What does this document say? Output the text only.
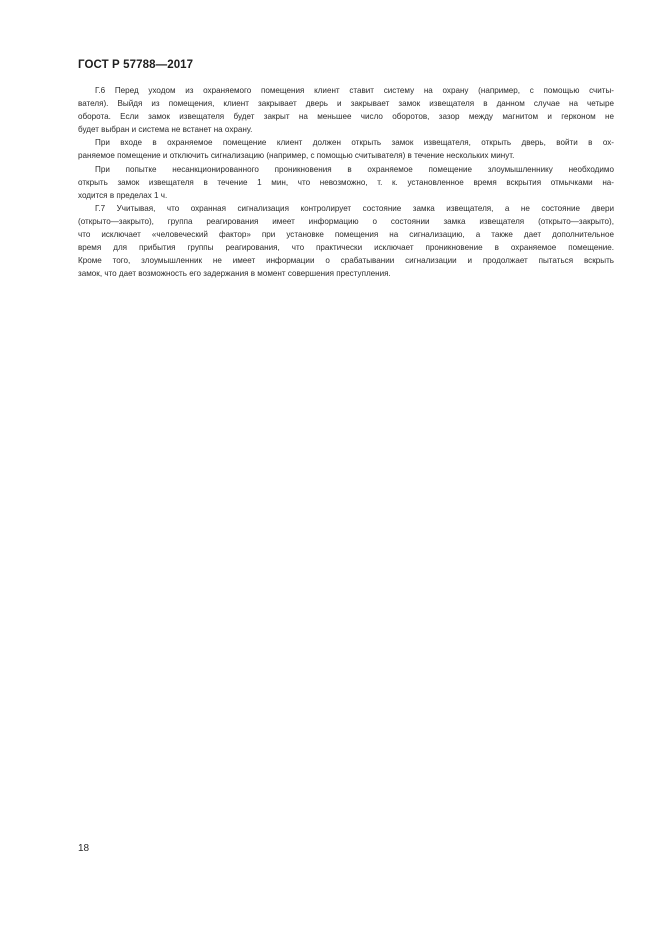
ГОСТ Р 57788—2017
Г.6 Перед уходом из охраняемого помещения клиент ставит систему на охрану (например, с помощью считы-
вателя). Выйдя из помещения, клиент закрывает дверь и закрывает замок извещателя в данном случае на четыре
оборота. Если замок извещателя будет закрыт на меньшее число оборотов, зазор между магнитом и герконом не
будет выбран и система не встанет на охрану.
При входе в охраняемое помещение клиент должен открыть замок извещателя, открыть дверь, войти в ох-
раняемое помещение и отключить сигнализацию (например, с помощью считывателя) в течение нескольких минут.
При попытке несанкционированного проникновения в охраняемое помещение злоумышленнику необходимо
открыть замок извещателя в течение 1 мин, что невозможно, т. к. установленное время вскрытия отмычками на-
ходится в пределах 1 ч.
Г.7 Учитывая, что охранная сигнализация контролирует состояние замка извещателя, а не состояние двери
(открыто—закрыто), группа реагирования имеет информацию о состоянии замка извещателя (открыто—закрыто),
что исключает «человеческий фактор» при установке помещения на сигнализацию, а также дает дополнительное
время для прибытия группы реагирования, что практически исключает проникновение в охраняемое помещение.
Кроме того, злоумышленник не имеет информации о срабатывании сигнализации и продолжает пытаться вскрыть
замок, что дает возможность его задержания в момент совершения преступления.
18
